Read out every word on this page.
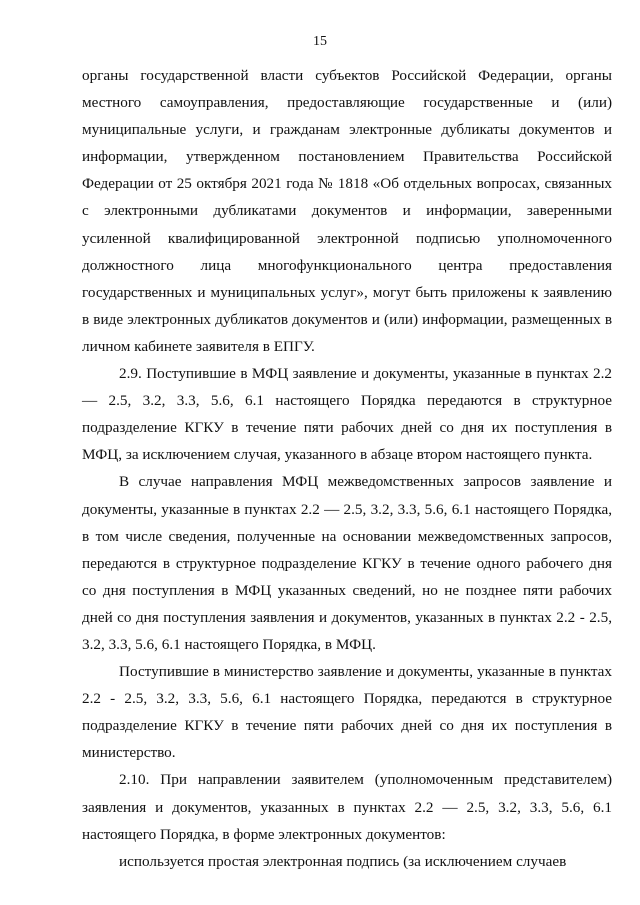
15

органы государственной власти субъектов Российской Федерации, органы местного самоуправления, предоставляющие государственные и (или) муниципальные услуги, и гражданам электронные дубликаты документов и информации, утвержденном постановлением Правительства Российской Федерации от 25 октября 2021 года № 1818 «Об отдельных вопросах, связанных с электронными дубликатами документов и информации, заверенными усиленной квалифицированной электронной подписью уполномоченного должностного лица многофункционального центра предоставления государственных и муниципальных услуг», могут быть приложены к заявлению в виде электронных дубликатов документов и (или) информации, размещенных в личном кабинете заявителя в ЕПГУ.

2.9. Поступившие в МФЦ заявление и документы, указанные в пунктах 2.2 — 2.5, 3.2, 3.3, 5.6, 6.1 настоящего Порядка передаются в структурное подразделение КГКУ в течение пяти рабочих дней со дня их поступления в МФЦ, за исключением случая, указанного в абзаце втором настоящего пункта.

В случае направления МФЦ межведомственных запросов заявление и документы, указанные в пунктах 2.2 — 2.5, 3.2, 3.3, 5.6, 6.1 настоящего Порядка, в том числе сведения, полученные на основании межведомственных запросов, передаются в структурное подразделение КГКУ в течение одного рабочего дня со дня поступления в МФЦ указанных сведений, но не позднее пяти рабочих дней со дня поступления заявления и документов, указанных в пунктах 2.2 - 2.5, 3.2, 3.3, 5.6, 6.1 настоящего Порядка, в МФЦ.

Поступившие в министерство заявление и документы, указанные в пунктах 2.2 - 2.5, 3.2, 3.3, 5.6, 6.1 настоящего Порядка, передаются в структурное подразделение КГКУ в течение пяти рабочих дней со дня их поступления в министерство.

2.10. При направлении заявителем (уполномоченным представителем) заявления и документов, указанных в пунктах 2.2 — 2.5, 3.2, 3.3, 5.6, 6.1 настоящего Порядка, в форме электронных документов:

используется простая электронная подпись (за исключением случаев
